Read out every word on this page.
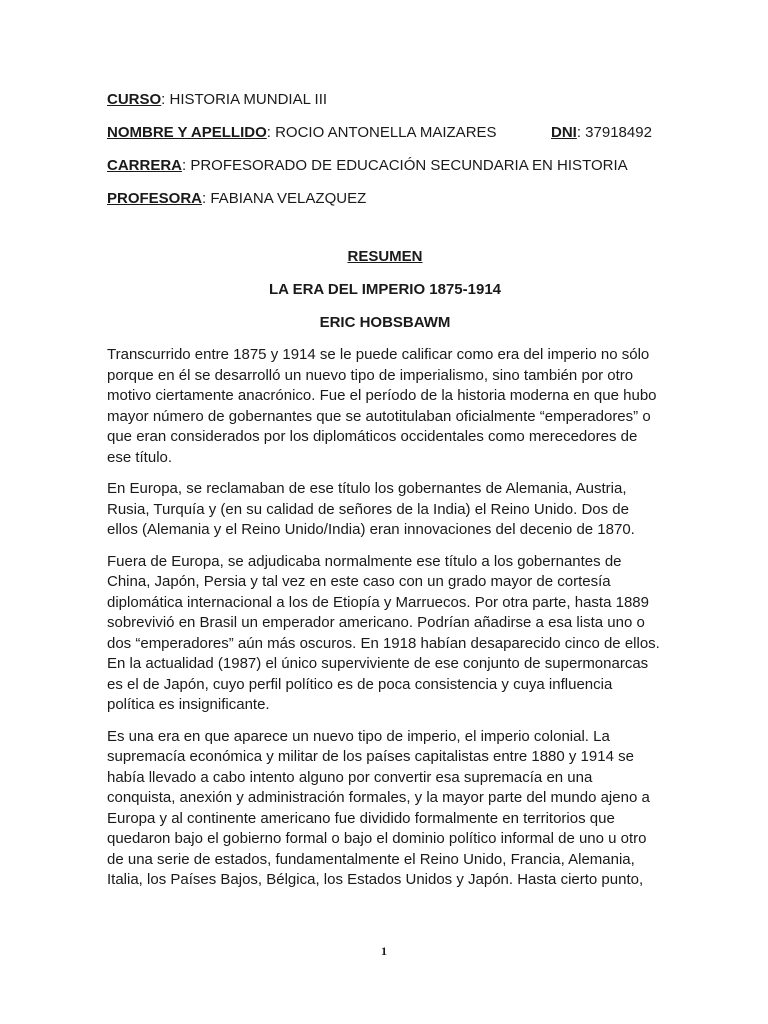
CURSO: HISTORIA MUNDIAL III
NOMBRE Y APELLIDO: ROCIO ANTONELLA MAIZARES	DNI: 37918492
CARRERA: PROFESORADO DE EDUCACIÓN SECUNDARIA EN HISTORIA
PROFESORA: FABIANA VELAZQUEZ
RESUMEN
LA ERA DEL IMPERIO 1875-1914
ERIC HOBSBAWM

Transcurrido entre 1875 y 1914 se le puede calificar como era del imperio no sólo porque en él se desarrolló un nuevo tipo de imperialismo, sino también por otro motivo ciertamente anacrónico. Fue el período de la historia moderna en que hubo mayor número de gobernantes que se autotitulaban oficialmente “emperadores” o que eran considerados por los diplomáticos occidentales como merecedores de ese título.

En Europa, se reclamaban de ese título los gobernantes de Alemania, Austria, Rusia, Turquía y (en su calidad de señores de la India) el Reino Unido. Dos de ellos (Alemania y el Reino Unido/India) eran innovaciones del decenio de 1870.

Fuera de Europa, se adjudicaba normalmente ese título a los gobernantes de China, Japón, Persia y tal vez en este caso con un grado mayor de cortesía diplomática internacional a los de Etiopía y Marruecos. Por otra parte, hasta 1889 sobrevivió en Brasil un emperador americano. Podrían añadirse a esa lista uno o dos “emperadores” aún más oscuros. En 1918 habían desaparecido cinco de ellos. En la actualidad (1987) el único superviviente de ese conjunto de supermonarcas es el de Japón, cuyo perfil político es de poca consistencia y cuya influencia política es insignificante.

Es una era en que aparece un nuevo tipo de imperio, el imperio colonial. La supremacía económica y militar de los países capitalistas entre 1880 y 1914 se había llevado a cabo intento alguno por convertir esa supremacía en una conquista, anexión y administración formales, y la mayor parte del mundo ajeno a Europa y al continente americano fue dividido formalmente en territorios que quedaron bajo el gobierno formal o bajo el dominio político informal de uno u otro de una serie de estados, fundamentalmente el Reino Unido, Francia, Alemania, Italia, los Países Bajos, Bélgica, los Estados Unidos y Japón. Hasta cierto punto,

1
